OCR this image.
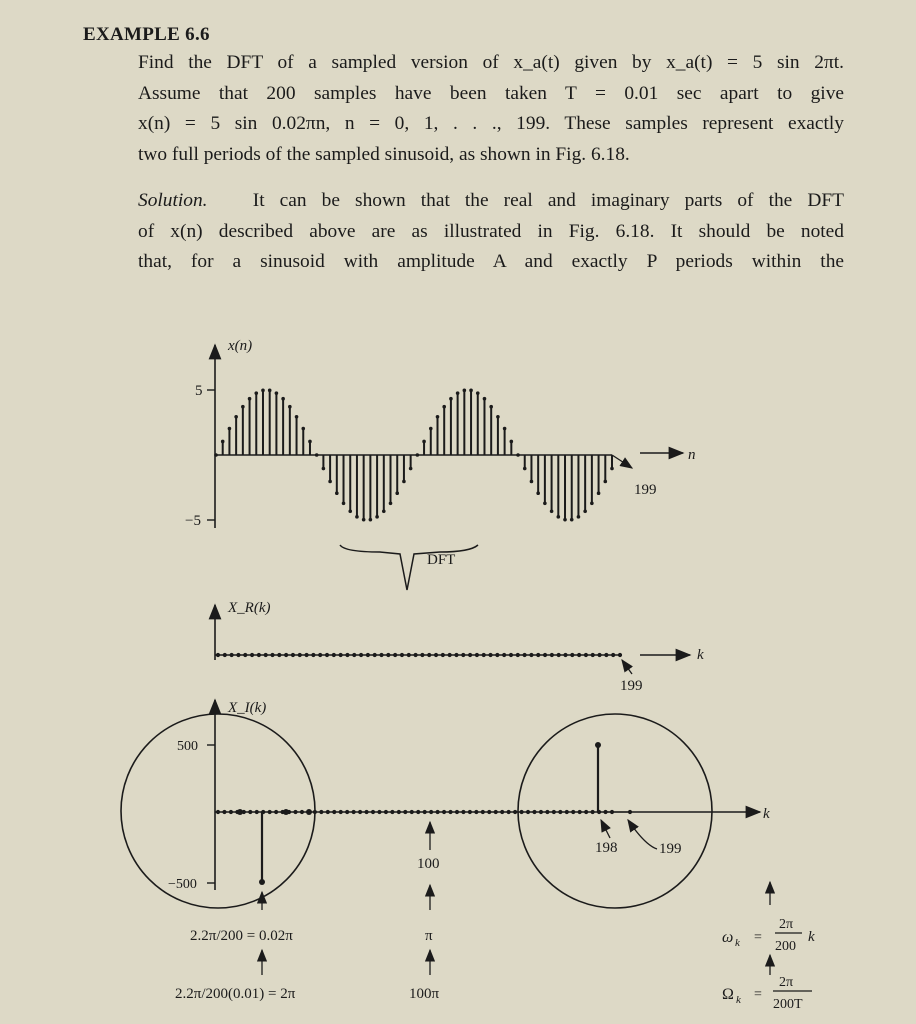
EXAMPLE 6.6
Find the DFT of a sampled version of x_a(t) given by x_a(t) = 5 sin 2πt.
Assume that 200 samples have been taken T = 0.01 sec apart to give
x(n) = 5 sin 0.02πn, n = 0, 1, . . ., 199. These samples represent exactly
two full periods of the sampled sinusoid, as shown in Fig. 6.18.
Solution. It can be shown that the real and imaginary parts of the DFT
of x(n) described above are as illustrated in Fig. 6.18. It should be noted
that, for a sinusoid with amplitude A and exactly P periods within the
x(n)
5
−5
n
199
DFT
X_R(k)
k
199
X_I(k)
500
−500
k
198	199
100
π
100π
2.2π/200 = 0.02π
2.2π/200(0.01) = 2π
ω k =
2π
200
k
Ω k =
2π
200T
